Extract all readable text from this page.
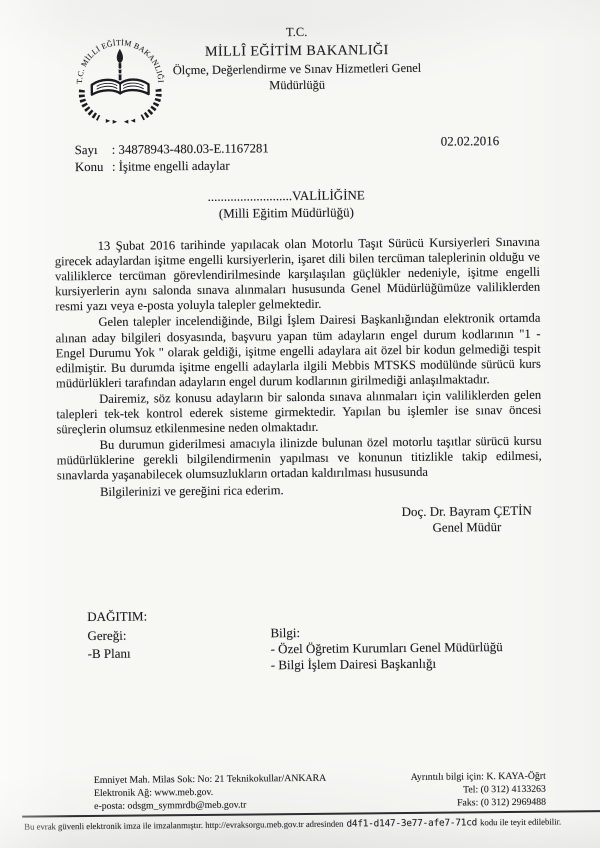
T.C. MİLLİ EĞİTİM BAKANLIĞI
T.C.
MİLLÎ EĞİTİM BAKANLIĞI
Ölçme, Değerlendirme ve Sınav Hizmetleri Genel
Müdürlüğü
Sayı : 34878943-480.03-E.1167281
Konu : İşitme engelli adaylar
02.02.2016
..........................VALİLİĞİNE
(Milli Eğitim Müdürlüğü)

13 Şubat 2016 tarihinde yapılacak olan Motorlu Taşıt Sürücü Kursiyerleri Sınavına girecek adaylardan işitme engelli kursiyerlerin, işaret dili bilen tercüman taleplerinin olduğu ve valiliklerce tercüman görevlendirilmesinde karşılaşılan güçlükler nedeniyle, işitme engelli kursiyerlerin aynı salonda sınava alınmaları hususunda Genel Müdürlüğümüze valiliklerden resmi yazı veya e-posta yoluyla talepler gelmektedir.

Gelen talepler incelendiğinde, Bilgi İşlem Dairesi Başkanlığından elektronik ortamda alınan aday bilgileri dosyasında, başvuru yapan tüm adayların engel durum kodlarının "1 - Engel Durumu Yok " olarak geldiği, işitme engelli adaylara ait özel bir kodun gelmediği tespit edilmiştir. Bu durumda işitme engelli adaylarla ilgili Mebbis MTSKS modülünde sürücü kurs müdürlükleri tarafından adayların engel durum kodlarının girilmediği anlaşılmaktadır.

Dairemiz, söz konusu adayların bir salonda sınava alınmaları için valiliklerden gelen talepleri tek-tek kontrol ederek sisteme girmektedir. Yapılan bu işlemler ise sınav öncesi süreçlerin olumsuz etkilenmesine neden olmaktadır.

Bu durumun giderilmesi amacıyla ilinizde bulunan özel motorlu taşıtlar sürücü kursu müdürlüklerine gerekli bilgilendirmenin yapılması ve konunun titizlikle takip edilmesi, sınavlarda yaşanabilecek olumsuzlukların ortadan kaldırılması hususunda

Bilgilerinizi ve gereğini rica ederim.

Doç. Dr. Bayram ÇETİN
Genel Müdür
DAĞITIM:
Gereği:
-B Planı
Bilgi:
- Özel Öğretim Kurumları Genel Müdürlüğü
- Bilgi İşlem Dairesi Başkanlığı
Emniyet Mah. Milas Sok: No: 21 Teknikokullar/ANKARA
Elektronik Ağ: www.meb.gov.
e-posta: odsgm_symmrdb@meb.gov.tr
Ayrıntılı bilgi için: K. KAYA-Öğrt
Tel: (0 312) 4133263
Faks: (0 312) 2969488
Bu evrak güvenli elektronik imza ile imzalanmıştır. http://evraksorgu.meb.gov.tr adresinden d4f1-d147-3e77-afe7-71cd kodu ile teyit edilebilir.
